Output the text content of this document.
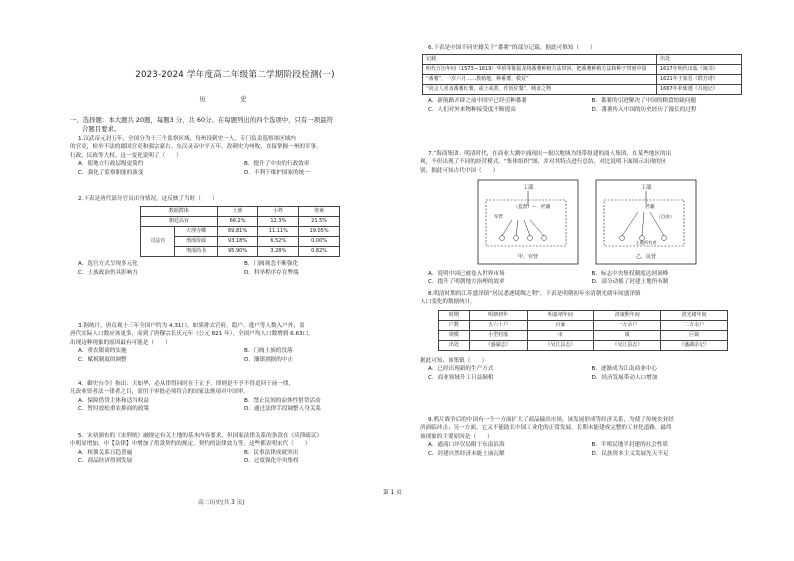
2023-2024 学年度高二年级第二学期阶段检测(一)
历　史

一、选择题：本大题共 20题，每题3 分，共 60分。在每题列出的四个选项中，只有一项最符

合题目要求。

1.汉武帝元封五年，全国分为十三个监察区域，每州设刺史一人，专门负责巡察该区域内

的官吏，检举不法的郡国官吏和强宗豪右。东汉灵帝中平五年，改刺史为州牧，直接掌握一州的军事、

行政，民政等大权。这一变化说明了（　　）

A．使地方行政层级更简约	B．提升了中央的行政效率
C．强化了监察职能的演变	D．不利于维护国家的统一

2.下表是唐代部分官员出身情况。这反映了当时（　　）

数据群体		士族	小姓	寒素
朝廷高官		66.2%	12.3%	21.5%
司法官	大理寺卿	69.81%	11.11%	19.05%
	刑部侍郎	93.18%	6.52%	0.00%
	刑部尚书	95.90%	3.28%	0.82%
A．选官方式呈现多元化	B．门阀观念不断强化
C．士族政治仍具影响力	D．科举程序存在弊端

3.据统计，唐贞观十三年全国户约为 4.31口，如果排去官府、隐户、逃户等人数入户外，盖

唐代实际人口数应该更多，而到了唐穆宗长庆元年（公元 821 年），全国户均人口数增到 6.63口。

出现这种现象的原因最有可能是（　　）

A．重农限商的实施	B．门阀士族的没落
C．赋税制度的调整	D．藩镇割据的中止

4．御史台令》指出：天如华，必从律得同时在于正予，律则是不予不得追回于前一律，

凡改业资者法一律者之目，需用于审批必须符合的国家法规项对中国审。

A．保障借贷主体和适当权益	B．禁止民间的凉体性借贷活动
C．暂时放松重农抑商的政策	D．通过法律手段调整人身关系

5．宋初颁布的《宋刑统》融规定有关土地的基本内容要求，但国家法律关系的条款在《庆律疏议》

中明显增加，中【杂律】中增加了借款契约的规定，契约的法律效力等，这些都表明宋代（　　）

A．租佃关系日趋普遍	B．民事法律成就突出
C．商品经济得到发展	D．过度强化中央集权

6.下表是中国不同史籍关于“番薯”的部分记载，据此可推知（　　）

记载	出处
明代万历年间（1573—1619）华侨等陈振龙将番薯种植方法带回，把番薯种植方法和种子带到中国	1617年明代出版《闽书》
“番薯”，一岁六月……教植地，种番薯，救荒”	1621年王象晋《群芳谱》
“尚会人喜食番薯红薯，或土或煮，作饭佐餐”，贱食之物	1667年朴致遵《月地记》
A．新航路开辟之前中国早已经引种番薯	B．番薯的引进解决了中国的粮食短缺问题
C．人们对外来物种接受度不断提高	D．番薯传入中国的历史经历了漫长的过程

7.“海商集团：明清时代，在商业大潮中涌现出一批以地域为纽带组建的商人集团，在某些地区的出

现，不但出现了不同的经营模式。“集体组织”图，并对其特点进行总结，对比说明下面图示出现的区

别，据此可知古代中国（　　）

工部
（监督）—　匠籍
军匠
甲、官营
工部
匠籍
（自由）
土地所有者
乙、民营
A．说明中国已被卷入世界市场	B．标志中央集权制度达到顶峰
C．提升了明朝地方治理的效率	D．部分动摇了封建土地所有制

8.明清时期的江苏盛泽镇“居民悉逐绫绸之利”，下表是明朝初年至清朝光绪年间盛泽镇

人口变化的数据统计。

时期	明朝初年	明嘉靖年间	清康熙年间	清光绪年间
户数	五六十户	百家	一万余户	二万余户
规模	小型村落	市	镇	巨镇
出处	《盛湖志》	《吴江县志》	《吴江县志》	《盛湖杂记》

据此可知，该集镇（　　）

A．已经出现新的生产方式	B．逐渐成为江南商业中心
C．商业领域升工日益颠相	D．经济发展带动人口增加

9.鸦片战争后的中国有一个一方面扩大了商品输出市场，该发展形成等经济关系，为使了传统农业经

济面临冲击；另一方面，它又不能助长中国工业化的正常发展，长期未能建成完整的工业化道路，最终

该现象的主要原因是（　　）

A．通商口岸仅局限于东南沿海	B．半殖民地半封建的社会性质
C．封建自然经济未能土崩瓦解	D．民族资本主义发展先天不足
高二历史(共 3 页)
第 1 页
